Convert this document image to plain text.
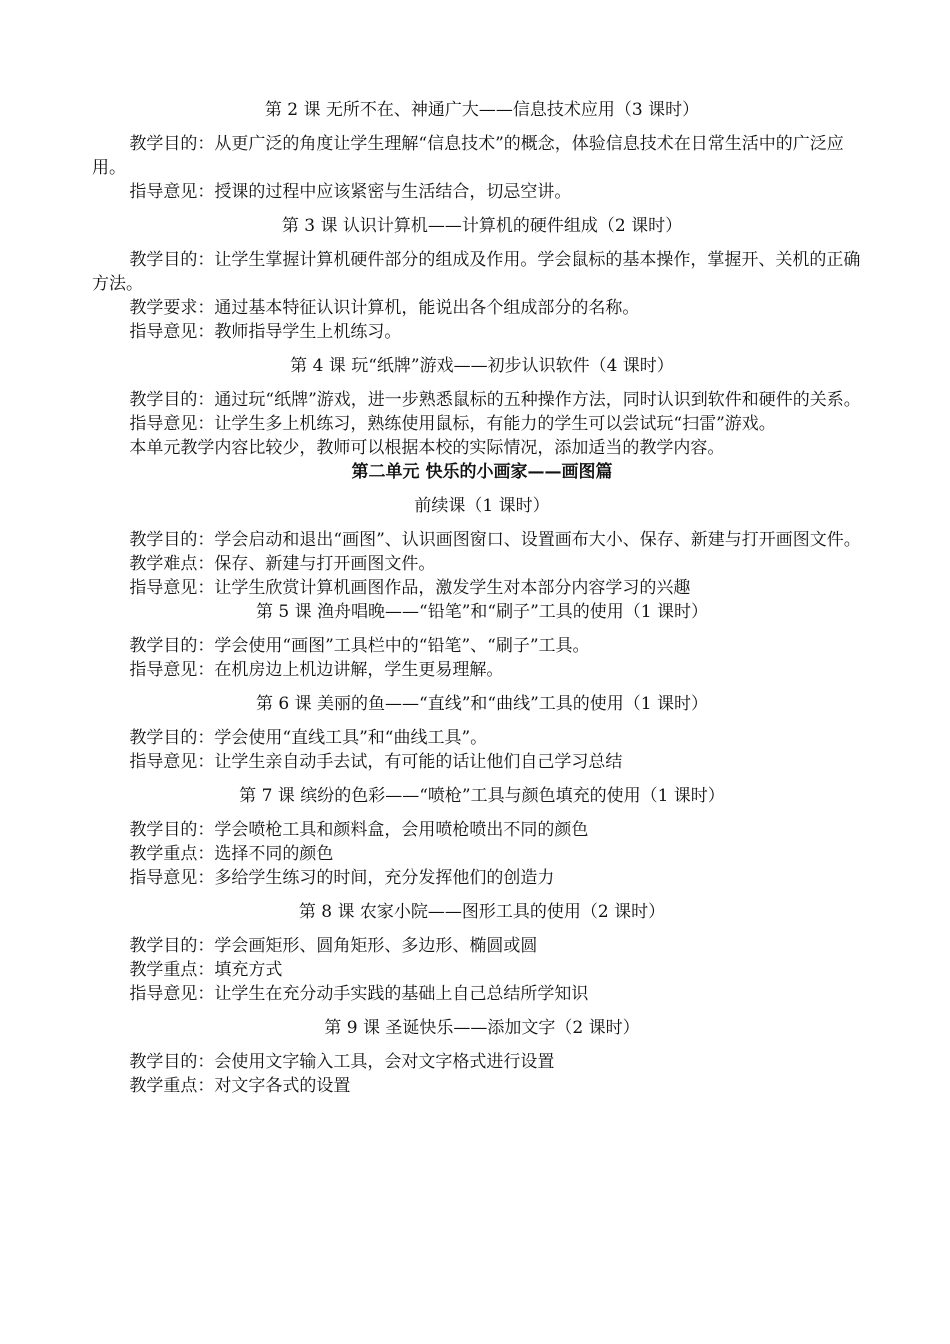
第 2 课 无所不在、神通广大——信息技术应用（3 课时）

教学目的：从更广泛的角度让学生理解“信息技术”的概念，体验信息技术在日常生活中的广泛应用。

指导意见：授课的过程中应该紧密与生活结合，切忌空讲。

第 3 课 认识计算机——计算机的硬件组成（2 课时）

教学目的：让学生掌握计算机硬件部分的组成及作用。学会鼠标的基本操作，掌握开、关机的正确方法。

教学要求：通过基本特征认识计算机，能说出各个组成部分的名称。

指导意见：教师指导学生上机练习。

第 4 课 玩“纸牌”游戏——初步认识软件（4 课时）

教学目的：通过玩“纸牌”游戏，进一步熟悉鼠标的五种操作方法，同时认识到软件和硬件的关系。

指导意见：让学生多上机练习，熟练使用鼠标，有能力的学生可以尝试玩“扫雷”游戏。

本单元教学内容比较少，教师可以根据本校的实际情况，添加适当的教学内容。

第二单元 快乐的小画家——画图篇

前续课（1 课时）

教学目的：学会启动和退出“画图”、认识画图窗口、设置画布大小、保存、新建与打开画图文件。

教学难点：保存、新建与打开画图文件。

指导意见：让学生欣赏计算机画图作品，激发学生对本部分内容学习的兴趣

第 5 课 渔舟唱晚——“铅笔”和“刷子”工具的使用（1 课时）

教学目的：学会使用“画图”工具栏中的“铅笔”、“刷子”工具。

指导意见：在机房边上机边讲解，学生更易理解。

第 6 课 美丽的鱼——“直线”和“曲线”工具的使用（1 课时）

教学目的：学会使用“直线工具”和“曲线工具”。

指导意见：让学生亲自动手去试，有可能的话让他们自己学习总结

第 7 课 缤纷的色彩——“喷枪”工具与颜色填充的使用（1 课时）

教学目的：学会喷枪工具和颜料盒，会用喷枪喷出不同的颜色

教学重点：选择不同的颜色

指导意见：多给学生练习的时间，充分发挥他们的创造力

第 8 课 农家小院——图形工具的使用（2 课时）

教学目的：学会画矩形、圆角矩形、多边形、椭圆或圆

教学重点：填充方式

指导意见：让学生在充分动手实践的基础上自己总结所学知识

第 9 课 圣诞快乐——添加文字（2 课时）

教学目的：会使用文字输入工具，会对文字格式进行设置

教学重点：对文字各式的设置
